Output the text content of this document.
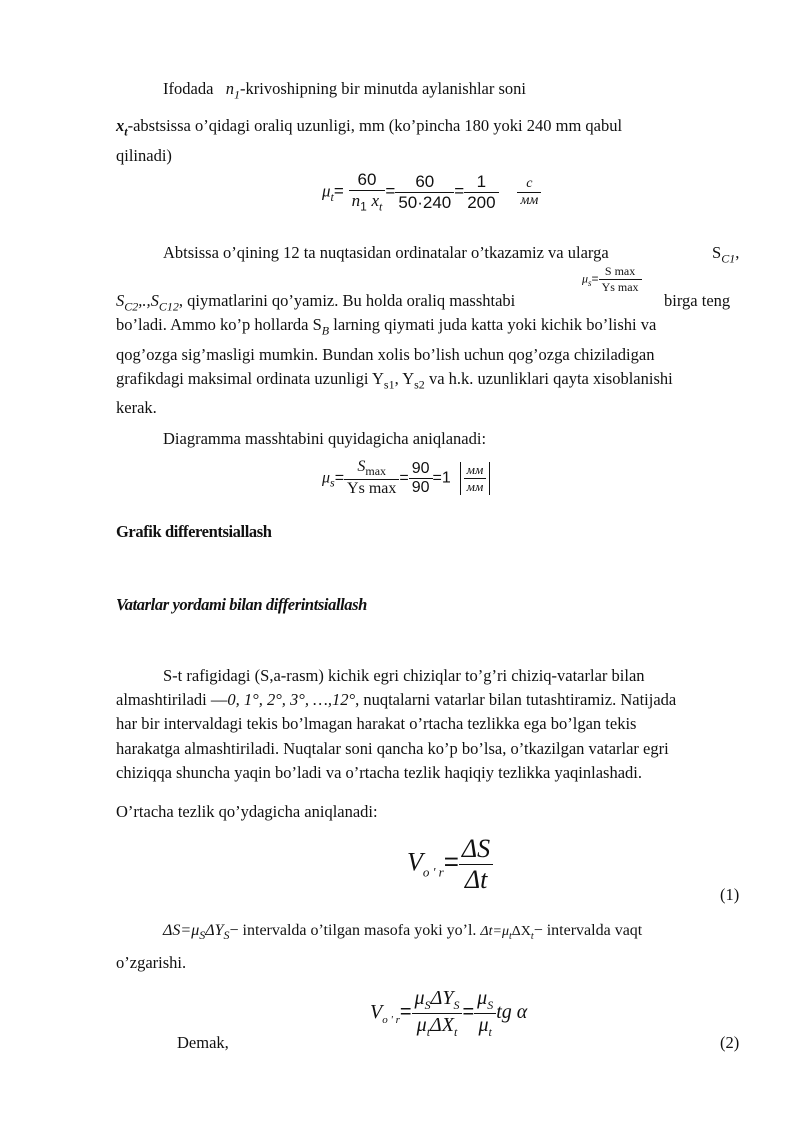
Ifodada $n_1$-krivoshipning bir minutda aylanishlar soni
$x_t$-abstsissa o’qidagi oraliq uzunligi, mm (ko’pincha 180 yoki 240 mm qabul
qilinadi)
$\mu_t= \frac{60}{n_1 x_t} = \frac{60}{50\cdot 240} = \frac{1}{200}$
$\frac{c}{мм}$
Abtsissa o’qining 12 ta nuqtasidan ordinatalar o’tkazamiz va ularga	$S_{C1}$,
$S_{C2},.,S_{C12}$, qiymatlarini qo’yamiz. Bu holda oraliq masshtabi
$\mu_s= \frac{\text{S max}}{\text{Ys max}}$
birga teng
bo’ladi. Ammo ko’p hollarda $S_B$ larning qiymati juda katta yoki kichik bo’lishi va
qog’ozga sig’masligi mumkin. Bundan xolis bo’lish uchun qog’ozga chiziladigan
grafikdagi maksimal ordinata uzunligi $Y_{s1}$, $Y_{s2}$ va h.k. uzunliklari qayta xisoblanishi
kerak.
Diagramma masshtabini quyidagicha aniqlanadi:
$\mu_s= \frac{S_{max}}{\text{Ys max}} = \frac{90}{90} =1 \frac{мм}{мм}$
Grafik differentsiallash
Vatarlar yordami bilan differintsiallash
S-t rafigidagi (S,a-rasm) kichik egri chiziqlar to’g’ri chiziq-vatarlar bilan
almashtiriladi —0, 1°, 2°, 3°, …,12°, nuqtalarni vatarlar bilan tutashtiramiz. Natijada
har bir intervaldagi tekis bo’lmagan harakat o’rtacha tezlikka ega bo’lgan tekis
harakatga almashtiriladi. Nuqtalar soni qancha ko’p bo’lsa, o’tkazilgan vatarlar egri
chiziqqa shuncha yaqin bo’ladi va o’rtacha tezlik haqiqiy tezlikka yaqinlashadi.
O’rtacha tezlik qo’ydagicha aniqlanadi:
$V_{o ' r}= \frac{\Delta S}{\Delta t}$	(1)
$\Delta S=\mu_S\Delta Y_S-$ intervalda o’tilgan masofa yoki yo’l. $\Delta t=\mu_t\Delta X_t-$ intervalda vaqt
o’zgarishi.
Demak,
$V_{o ' r}= \frac{\mu_S\Delta Y_S}{\mu_t\Delta X_t} = \frac{\mu_S}{\mu_t}$ tg α
(2)
